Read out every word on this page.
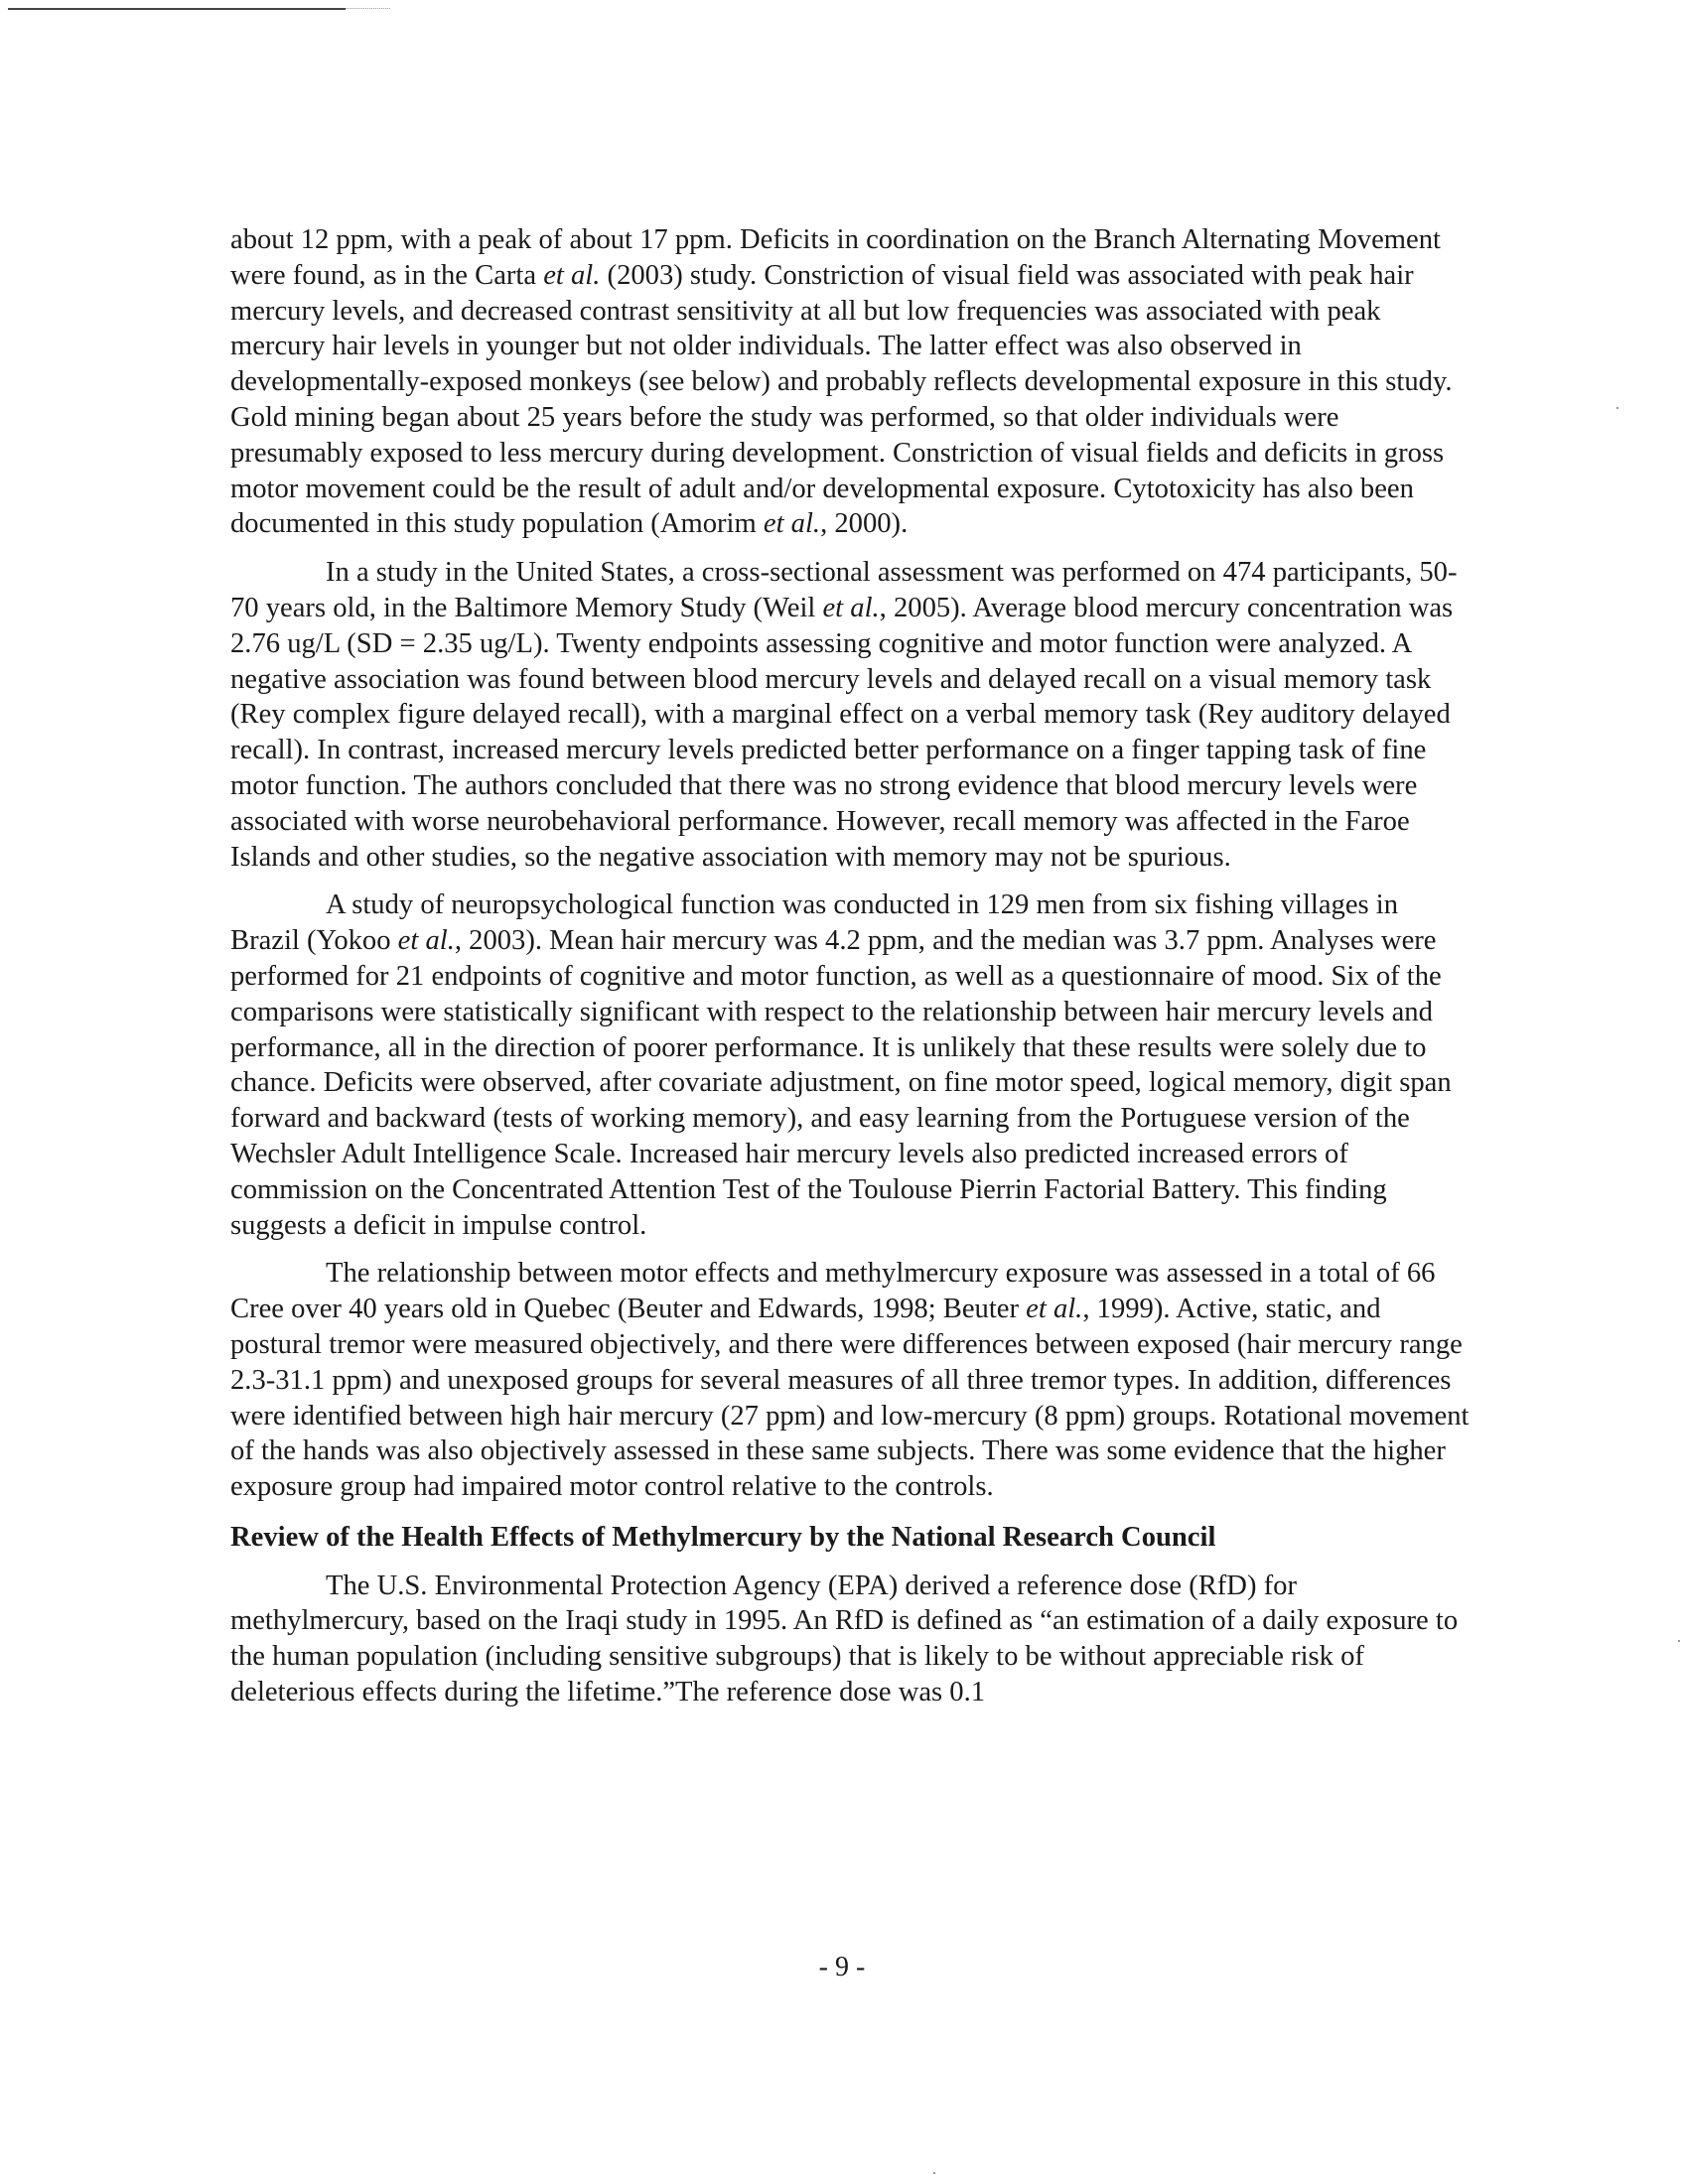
about 12 ppm, with a peak of about 17 ppm. Deficits in coordination on the Branch Alternating Movement were found, as in the Carta et al. (2003) study. Constriction of visual field was associated with peak hair mercury levels, and decreased contrast sensitivity at all but low frequencies was associated with peak mercury hair levels in younger but not older individuals. The latter effect was also observed in developmentally-exposed monkeys (see below) and probably reflects developmental exposure in this study. Gold mining began about 25 years before the study was performed, so that older individuals were presumably exposed to less mercury during development. Constriction of visual fields and deficits in gross motor movement could be the result of adult and/or developmental exposure. Cytotoxicity has also been documented in this study population (Amorim et al., 2000).

In a study in the United States, a cross-sectional assessment was performed on 474 participants, 50-70 years old, in the Baltimore Memory Study (Weil et al., 2005). Average blood mercury concentration was 2.76 ug/L (SD = 2.35 ug/L). Twenty endpoints assessing cognitive and motor function were analyzed. A negative association was found between blood mercury levels and delayed recall on a visual memory task (Rey complex figure delayed recall), with a marginal effect on a verbal memory task (Rey auditory delayed recall). In contrast, increased mercury levels predicted better performance on a finger tapping task of fine motor function. The authors concluded that there was no strong evidence that blood mercury levels were associated with worse neurobehavioral performance. However, recall memory was affected in the Faroe Islands and other studies, so the negative association with memory may not be spurious.

A study of neuropsychological function was conducted in 129 men from six fishing villages in Brazil (Yokoo et al., 2003). Mean hair mercury was 4.2 ppm, and the median was 3.7 ppm. Analyses were performed for 21 endpoints of cognitive and motor function, as well as a questionnaire of mood. Six of the comparisons were statistically significant with respect to the relationship between hair mercury levels and performance, all in the direction of poorer performance. It is unlikely that these results were solely due to chance. Deficits were observed, after covariate adjustment, on fine motor speed, logical memory, digit span forward and backward (tests of working memory), and easy learning from the Portuguese version of the Wechsler Adult Intelligence Scale. Increased hair mercury levels also predicted increased errors of commission on the Concentrated Attention Test of the Toulouse Pierrin Factorial Battery. This finding suggests a deficit in impulse control.

The relationship between motor effects and methylmercury exposure was assessed in a total of 66 Cree over 40 years old in Quebec (Beuter and Edwards, 1998; Beuter et al., 1999). Active, static, and postural tremor were measured objectively, and there were differences between exposed (hair mercury range 2.3-31.1 ppm) and unexposed groups for several measures of all three tremor types. In addition, differences were identified between high hair mercury (27 ppm) and low-mercury (8 ppm) groups. Rotational movement of the hands was also objectively assessed in these same subjects. There was some evidence that the higher exposure group had impaired motor control relative to the controls.

Review of the Health Effects of Methylmercury by the National Research Council

The U.S. Environmental Protection Agency (EPA) derived a reference dose (RfD) for methylmercury, based on the Iraqi study in 1995. An RfD is defined as “an estimation of a daily exposure to the human population (including sensitive subgroups) that is likely to be without appreciable risk of deleterious effects during the lifetime.”The reference dose was 0.1

- 9 -
